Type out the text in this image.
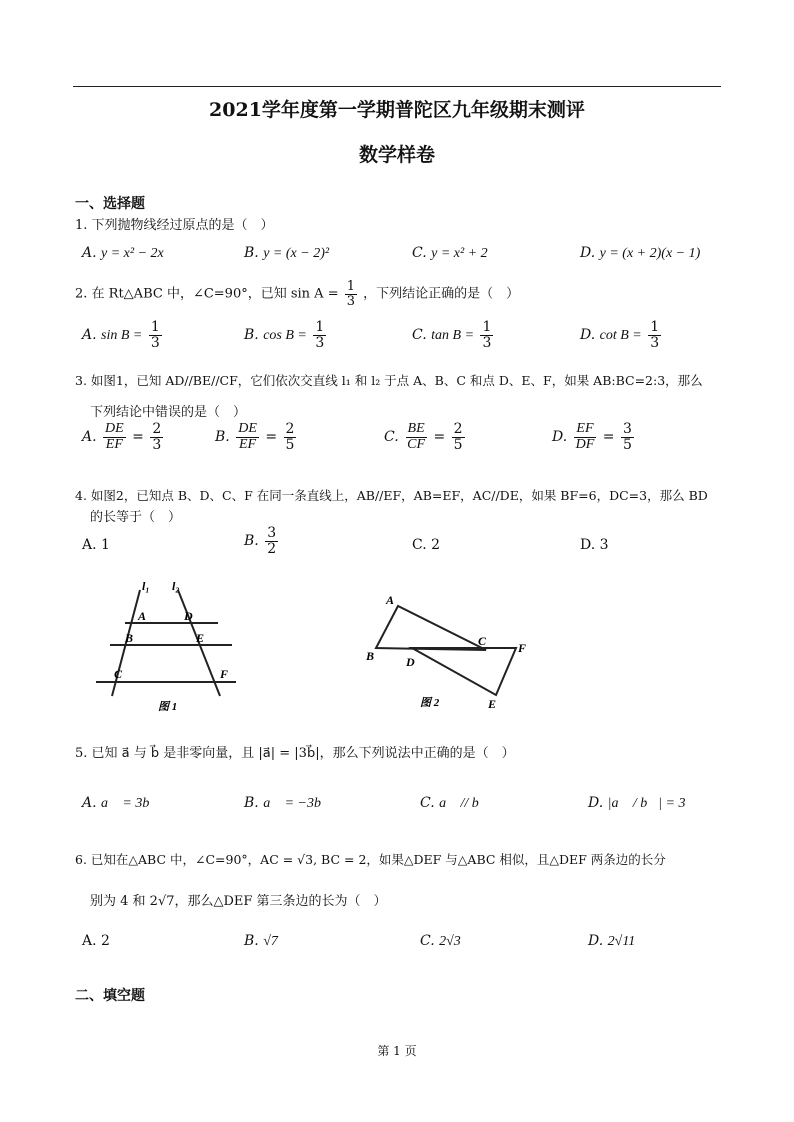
2021学年度第一学期普陀区九年级期末测评
数学样卷
一、选择题
1. 下列抛物线经过原点的是（　）
A. y = x² − 2x	B. y = (x − 2)²	C. y = x² + 2	D. y = (x + 2)(x − 1)
2. 在 Rt△ABC 中，∠C=90°，已知 $\sin A = \frac{1}{3}$ ，下列结论正确的是（　）
A. $\sin B = \frac{1}{3}$	B. $\cos B = \frac{1}{3}$	C. $\tan B = \frac{1}{3}$	D. $\cot B = \frac{1}{3}$
3. 如图1，已知 AD//BE//CF，它们依次交直线 l₁ 和 l₂ 于点 A、B、C 和点 D、E、F，如果 AB:BC=2:3，那么
下列结论中错误的是（　）
A. $\frac{DE}{EF} = \frac{2}{3}$	B. $\frac{DE}{EF} = \frac{2}{5}$	C. $\frac{BE}{CF} = \frac{2}{5}$	D. $\frac{EF}{DF} = \frac{3}{5}$
4. 如图2，已知点 B、D、C、F 在同一条直线上，AB//EF，AB=EF，AC//DE，如果 BF=6，DC=3，那么 BD
的长等于（　）
A. 1	B. $\frac{3}{2}$	C. 2	D. 3
l₁ l₂
A	D
B	E
C	F
图 1
A
B
C
D
F
E
图 2
5. 已知 a⃗ 与 b⃗ 是非零向量，且 |a⃗| = |3b⃗|，那么下列说法中正确的是（　）
A. a⃗ = 3b⃗	B. a⃗ = −3b⃗	C. a⃗ // b⃗	D. |a⃗ / b⃗| = 3
6. 已知在△ABC 中，∠C=90°，AC = √3, BC = 2，如果△DEF 与△ABC 相似，且△DEF 两条边的长分
别为 4 和 2√7，那么△DEF 第三条边的长为（　）
A. 2	B. √7	C. 2√3	D. 2√11
二、填空题
第 1 页
